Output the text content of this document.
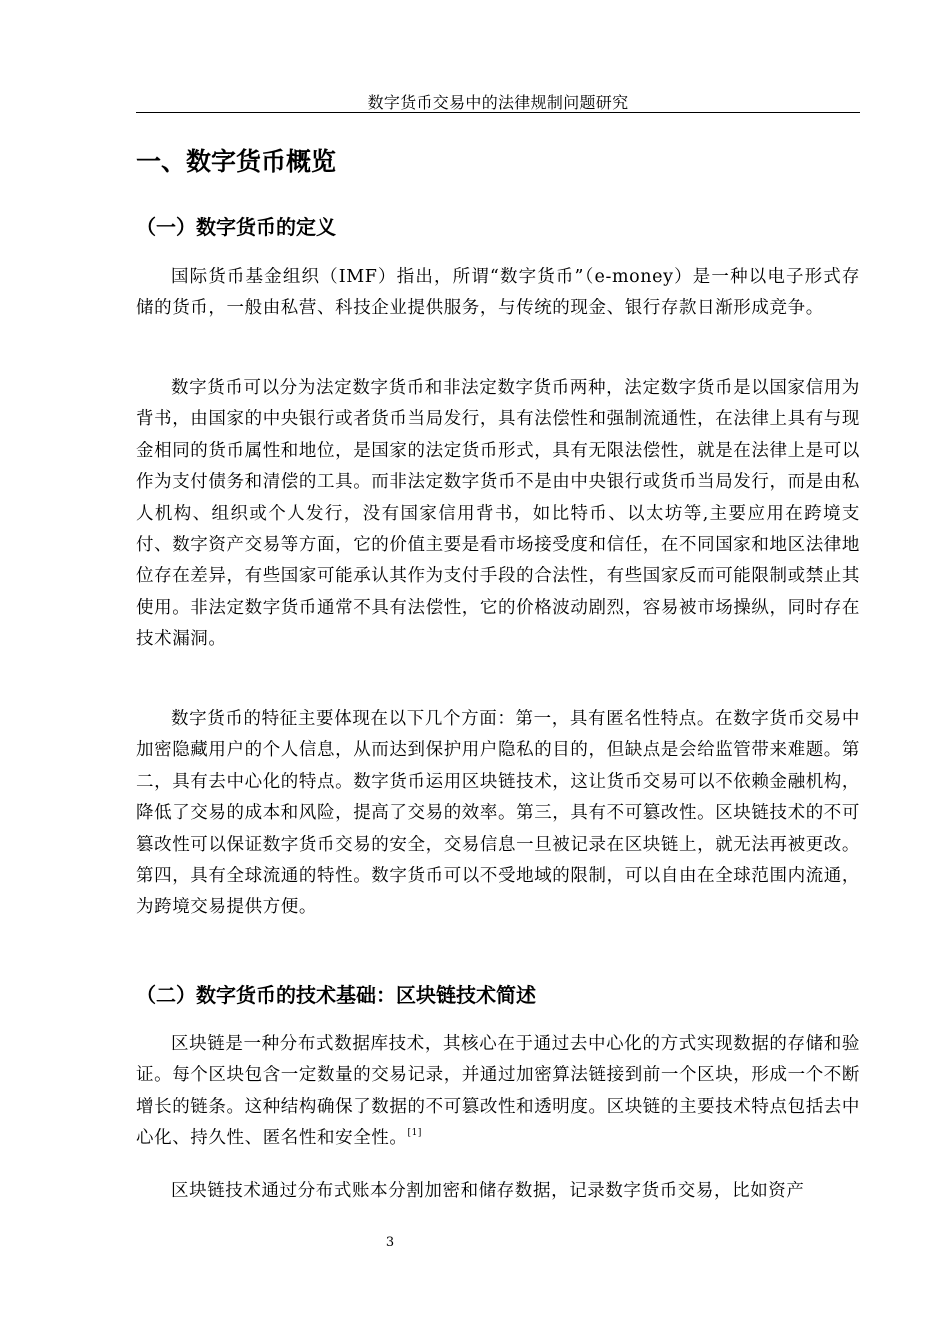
数字货币交易中的法律规制问题研究
一、数字货币概览
（一）数字货币的定义

国际货币基金组织（IMF）指出，所谓“数字货币”（e-money）是一种以电子形式存储的货币，一般由私营、科技企业提供服务，与传统的现金、银行存款日渐形成竞争。

数字货币可以分为法定数字货币和非法定数字货币两种，法定数字货币是以国家信用为背书，由国家的中央银行或者货币当局发行，具有法偿性和强制流通性，在法律上具有与现金相同的货币属性和地位，是国家的法定货币形式，具有无限法偿性，就是在法律上是可以作为支付债务和清偿的工具。而非法定数字货币不是由中央银行或货币当局发行，而是由私人机构、组织或个人发行，没有国家信用背书，如比特币、以太坊等,主要应用在跨境支付、数字资产交易等方面，它的价值主要是看市场接受度和信任，在不同国家和地区法律地位存在差异，有些国家可能承认其作为支付手段的合法性，有些国家反而可能限制或禁止其使用。非法定数字货币通常不具有法偿性，它的价格波动剧烈，容易被市场操纵，同时存在技术漏洞。

数字货币的特征主要体现在以下几个方面：第一，具有匿名性特点。在数字货币交易中加密隐藏用户的个人信息，从而达到保护用户隐私的目的，但缺点是会给监管带来难题。第二，具有去中心化的特点。数字货币运用区块链技术，这让货币交易可以不依赖金融机构，降低了交易的成本和风险，提高了交易的效率。第三，具有不可篡改性。区块链技术的不可篡改性可以保证数字货币交易的安全，交易信息一旦被记录在区块链上，就无法再被更改。第四，具有全球流通的特性。数字货币可以不受地域的限制，可以自由在全球范围内流通，为跨境交易提供方便。

（二）数字货币的技术基础：区块链技术简述

区块链是一种分布式数据库技术，其核心在于通过去中心化的方式实现数据的存储和验证。每个区块包含一定数量的交易记录，并通过加密算法链接到前一个区块，形成一个不断增长的链条。这种结构确保了数据的不可篡改性和透明度。区块链的主要技术特点包括去中心化、持久性、匿名性和安全性。[1]

区块链技术通过分布式账本分割加密和储存数据，记录数字货币交易，比如资产

3
